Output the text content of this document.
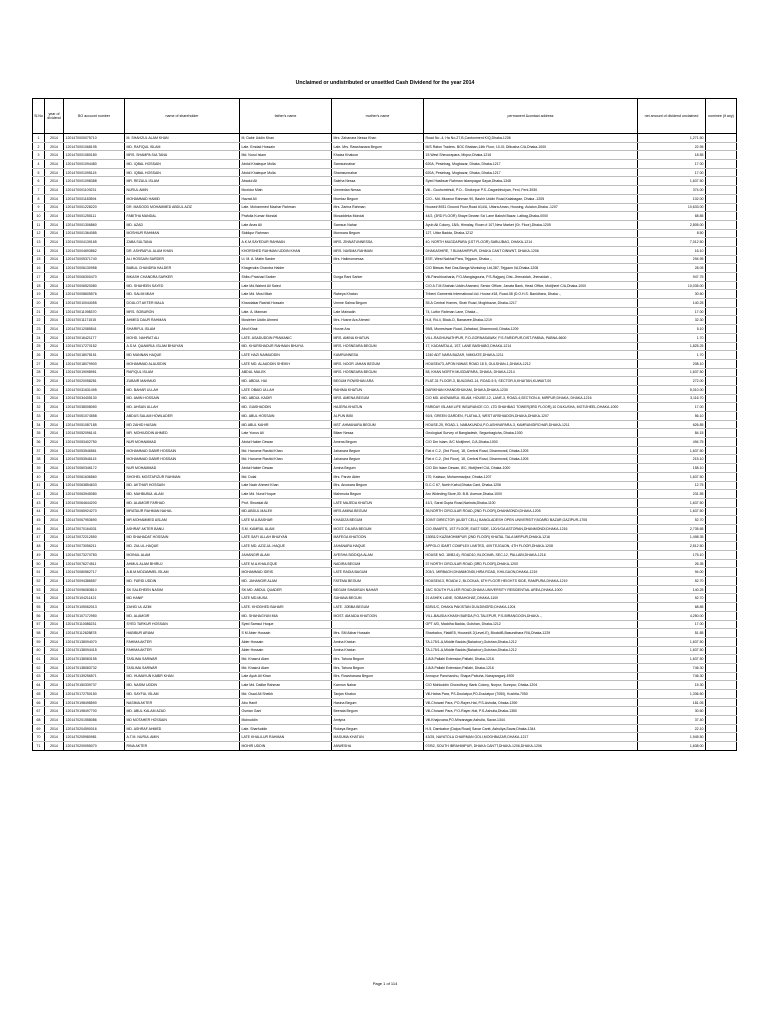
Unclaimed or undistributed or unsettled Cash Dividend for the year 2014
Sl.No	year of dividend	BO account number	name of shareholder	father's name	mother's name	permanent &contact address	net amount of dividend unclaimed	nominee (if any)
1	2014	1201470000075710	M. SHAHZUL ALAM KHAN	M. Dabir Uddin Khan	Mrs. Zahanara Nessa Khan	Road No -4, Ha No-27,B,Cantonment K/Q,Dhaka-1206	1,271.50	
2	2014	1201470001068195	MD. RAFIQUL ISLAM	Late. Emdad Hossain	Late. Mrs. Rawshanara Begum	M/S Raton Traders. BOC Bhaban,14th Floor, 10-01 Dilkusha C/A,Dhaka-1000	22.95	
3	2014	1201470001080180	MRS. SHAMPA SULTANA	Md. Nurul Islam	Khaiza Khatoon	15 West Sheoorapara, Mirpur,Dhaka-1216	18.55	
4	2014	1201470001094480	MD. IQBAL HOSSAIN	Abdul Khaleque Molla	Samsunnahar	620A, Pesinbag, Mogbazar, Dhaka, Dhaka-1217	17.00	
5	2014	1201470001095115	MD. IQBAL HOSSAIN	Abdul Khaleque Molla	Shamsunnahar	620A, Pesinbag, Mogbazar, Dhaka, Dhaka-1217	17.00	
6	2014	1201470001098388	MR. REZAUL ISLAM	Abadul Ali	Saleha Nessa	Syed Hasibuar Rahman Islampagar Sayar,Dhaka-1348	1,637.50	
7	2014	1201470001109231	NURUL AMIN	Mozidur Miah	Ummedan Nessa	Vill.- Gouhombhuli, P.O.- Sindurpur P.S.-Dagonbhuiyan, Feni, Feni-3930	374.00	
8	2014	1201470001183594	MOHAMMAD HAMID	Hazrat Ali	Momtaz Begum	C/O.- Md. Mizanur Rahman 90, Bashir Uddin Road,Kalabagan, Dhaka -1205	102.00	
9	2014	1201470001228220	DR. MASOOD MOHAMMED ABDUL AZIZ	Late. Mohammed Mazhar Rahman	Mrs. Zarina Rahman	House# 8931 Ground Floor,Road #14/A, Uttara Aman, Housing, Aviaton,Dhaka -1207	10,633.00	
10	2014	1201470001255111	FABITHA MANDAL	Prafulla Kumar Mondal	Mosaddeka Mondal	44/2, (3RD FLOOR) Shaye Dewan Sa' Lane Bakshi Bazar, Lalbag,Dhaka-0000	68.85	
11	2014	1201470001306860	MD. AZAD	Late Anas Ali	Samsun Nahar	Ayub Ali Colony, 18/A, Himalay, Room # 107,New Market (Gr. Floor),Dhaka-1205	2,805.00	
12	2014	1201470001364085	MOSHIUR RAHMAN	Siddiqur Rahman	Monwara Begum	127, Uttar Badda, Dhaka-1212	8.50	
13	2014	1201470004139165	ZABA SULTANA	A.K.M.SAYEDUR RAHMAN	MRS. ZINNATUNNESSA	40, NORTH MUGDAPARA (1ST FLOOR) SABUJBAG, DHAKA-1214	7,012.50	
14	2014	1201470004693862	DR. ASHRAFUL ALAM KHAN	KHORSHED RAHMAN UDDIN KHAN	MRS. NASIMA RAHMAN	DHAKASHIRE, 7 BLIMAHIRPUR, DHAKA CANT DINWNT, DHAKA-1206	16.10	
15	2014	1201470005371740	ALI HOSSAIN SARDER	Lt. M. A. Matin Sarder	Mrs. Halimonnessa	57/E, West Nakhal Para, Tejgaon, Dhaka -,	294.95	
16	2014	1201470006130958	BABUL CHANDRA HALDER	Khagendra Chandra Halder		C/O Biswas Hari Das,Banga Workshop Ltd,387, Tejgaon I/A,Dhaka-1208	28.05	
17	2014	1201470006300470	BIKASH CHANDRA SARKER	Shibu Prashad Sarker	Durga Rani Sarker	Vill-Panchkosharia, P.O-Manglagouria, P.S-Rajganj, Dist.-Jhenaidah, Jhenaidah -,	947.75	
18	2014	1201470006520080	MD. SHAHEEN SAYED	Late Md.Wahed Ali Saied		C/O A.T.M.Shahab Uddin Ahamed, Senior Officer, Janata Bank, Head Office, Motijheel C/A,Dhaka-1000	10,035.00	
19	2014	1201470008605576	MD. SALIM MIAH	Late Md. Mosi Miah	Rabeya Khatun	Tribeni Garments International Ltd. House #18, Road-08 (D.O.H.S. Banidhara, Dhaka -,	30.60	
20	2014	1201470010044055	DOULOT AKTER MALA	Khandakar Rashid Hossain	Umme Salma Begum	35-A Central Homes, Shah Road, Moghbazar, Dhaka-1217	140.25	
21	2014	1201470011098370	MRS. SOBURON	Late. A. Mannan	Late Mainadin	74, Lutfor Rahman Lane, Dhaka -,	17.00	
22	2014	1201470011171515	AHMED DAUR RAHMAN	Mosleher Uddin Ahmed	Mrs. Husne Ara Ahmed	H-8, Rd-4, Block-D, Banasree,Dhaka-1219	32.30	
23	2014	1201470012085541	SHARIFUL ISLAM	Abul Khair	Husne Ara	95/8, Moneshwar Road, Zafrabad, Dhanmondi, Dhaka-1209	5.10	
24	2014	1201470016421177	MOHD. NAHRAT ALI	LATE. ASADUDDIN PRAMANIC	MRS. AMINA KHATUN	VILL-RAGHUNATHPUR, P.O-GORNASAWAY, P.S-FARIDPUR,DIST-PABNA, PABNA-6600	1.70	
25	2014	1201470017270152	A.S.M. QUAMRUL ISLAM BHUIYAN	MD. KHURSHADUR RAHMAN BHUIYA	MRS. HOSNEARA BEGUM	17, KADAMTALA, 1ST. LANE BASHABO,DHAKA-1214	1,825.25	
26	2014	1201470018078151	MD MANNAN HAQUE	LATE HAZI NAIMUDDIN	KAMRUNNESA	1240 ADT NARA BAZAR, NIMGATE,DHAKA-1211	1.70	
27	2014	1201470018079900	MOHAMMAD ALAUDDIN	LATE MD. ALAUDDIN SHEIKH	MRS. NOOR JAHAN BEGUM	HOUSE#73, APON NIWAS ROAD 18 5, GULSHAN-1,DHAKA-1212	208.10	
28	2014	1201470019098951	RAFIQUL ISLAM	ABDUL MALEK	MRS. HOSNEARA BEGUM	58, KHAN NORTH MUGDAPARA, DHAKA, DHAKA-1214	1,637.50	
29	2014	1201470020058281	ZUBAIR MAHMUD	MD. ABDUL HAI	BEGUM ROWSHAN ARA	FLAT-31 FLOOR-3, BUILDING-14, ROAD-5 5, SECTOR-5,KHAITAN,KUWAIT-00	272.00	
30	2014	1201470031631495	MD. BAHAR ULLAH	LATE OBAID ULLAH	RAHIMA KHATUN	DARIKHAN KHANDSHUKAM, DHAKA,DHAKA-1230	5,010.00	
31	2014	1201470034405130	MD. AMIN HOSSAIN	MD. ABDUL KADIR	MRS. AMENA BEGUM	C/O MD. ANOWARUL ISLAM, HOUSE-12, LANE-3, ROAD-4,SECTION-6, MIRPUR,DHAKA, DHAKA-1216	3,116.70	
32	2014	1201470038008050	MD. AHSAN ULLAH	MD. GIASHUDDIN	HAJERA KHATUN	FARIDAY ISLAMI LIFE INSURANCE CO. LTD SHAHBAG TOWER(3RD FLOOR),10 DILKUSHA, MOTIJHEEL,DHAKA-1000	17.00	
33	2014	1201470051074558	ABDUS SALAM HOWLADER	MD. ABUL HOSSAIN	ALPUN BIBI	92/4, GREEN GARDEN, FLAT#A-3, WEST ARSHIADON,DHAKA,DHAKA-1207	56.10	
34	2014	1201470051087185	MD ZAHID HASAN	MD ABUL KAHIR	MST. AHMANARA BEGUM	HOUSE-25, ROAD-1, NABAKUNDU,P.O-ASHIVAPARA-3, KAMRANGIRCHAR,DHAKA-1211	626.85	
35	2014	1201470052096141	MR. MOHIUDDIN AHMED	Late Yunus Ali	Bilaer Nessa	Geological Survey of Bangladesh, Segunbagicha, Dhaka-1000	84.15	
36	2014	1201470053402750	NUR MOHAMMAD	Abdul Hakim Dewan	Amena Begum	C/O Dm Islam, 8/C Motijheel, C/A,Dhaka-1000	494.75	
37	2014	1201470053546561	MOHAMMAD DABIR HOSSAIN	Md. Hanume Rashid Khan	Jahanara Begum	Flat # C-2, (3rd Floor), 18, Central Road, Dhanmondi, Dhaka-1205	1,637.50	
38	2014	1201470053546115	MOHAMMAD DABIR HOSSAIN	Md. Hanume Rashid Khan	Jahanara Begum	Flat # C-2, (3rd Floor), 18, Central Road, Dhanmondi, Dhaka-1205	215.10	
39	2014	1201470060346172	NUR MOHAMMAD	Abdul Hakim Dewan	Amina Begum	C/O Din Islam Dewan, 8/C, Motijheel C/A, Dhaka-1000	158.10	
40	2014	1201470061636560	SHOHEL MOSTAFIZUR RAHMAN	Md. Dulal	Mrs. Parvin Akter	170, Katasur, Mohammadpur, Dhaka-1207	1,637.50	
41	2014	1201470063854633	MD. AKTHAR HOSSAIN	Late Nazir Ahmed Khan	Mrs. Anowara Begum	D.C.C 67, North Kafrul,Dhaka Cant, Dhaka-1206	12.75	
42	2014	1201470063945080	MD. MAHBUBUL ALAM	Late Md. Nurul Hoque	Mahmuda Begum	Aro Wideding Store,30. B.B. Avenue,Dhaka-1000	231.55	
43	2014	1201470064644200	MD. ALAMGIR FARHAD	Prof. Showkat Ali	LATE MAJEDA KHATUN	41/1, Sarat Gupta Road,Narinda,Dhaka-1100	1,637.50	
44	2014	1201470065924270	MRATAUR RAHMAN NAHUL	MD.ABDUL MALEK	MRS.AMINA BEGUM	36,NORTH CIRCULAR ROAD,(2ND FLOOR),DHANMONDI,DHAKA-1205	1,637.50	
45	2014	1201470067953690	MR.MOHAMMED ASLAM	LATE M.A.BASHAR	KHADIZA BEGUM	JOINT DIRECTOR (AUDIT CELL) BANGLADESH OPEN UNIVERSITY,BOARD BAZAR,GAZIPUR-1705	52.70	
46	2014	1201470070164031	ASHRAF AKTER BANU	S.M. KAMRUL ALAM	MOST. DILARA BEGUM	C/O.SMARTS, 1ST FLOOR, EAST SIDE, 120/1/GA ASTORAN,DHANMONDI,DHAKA-1216	2,735.65	
47	2014	1201470072212550	MD SHAHADAT HOSSAIN	LATE SAFI ULLAH BHUIYAN	MAFEGA KHATOON	130B1/2 KAZIMOHIMPUR (2ND FLOOR) KHATAL TALA MIRPUR,DHAKA-1216	1,498.35	
48	2014	1201470073056211	MD. ZIA-UL-HAQUE	LATE MD. AZIZ-UL-HAQUE	JAHANARA HAQUE	APPOLO IDART COMPLEX LIMITED, 409 TEJGAON, 4TH FLOOR,DHAKA-1208	2,512.50	
49	2014	1201470073270783	MOINUL ALAM	JAHANGIR ALAM	AYESHA SIDDIQA ALAM	HOUSE NO. 18/B2-6), ROAD10, BLOCK#B, SEC-12, PALLABI,DHAKA-1216	175.10	
50	2014	1201470076274511	AHMUL ALAM BHIRUJ	LATE M.A.KHALEQUE	NADIRA BEGUM	37 NORTH CIRCULAR ROAD (3RD FLOOR),DHAKA-1200	26.35	
51	2014	1201470080562717	A.B.M.MOZAMMEL ISLAM	MOHAMMAD IDRIS	LATE RADIA BAGUM	203/1, MIRBAGH,DHANMONDI,HIRA ROAD, KHILGAON,DHAKA-1219	94.00	
52	2014	1201470094386557	MD. FARID UDDIN	MD. JAHANGIR ALAM	FATEMA BEGUM	HOUSE#13, ROAD# 2, BLOCK#A, 6TH FLOOR HEIGHTS SIDE, RAMPURA,DHAKA-1219	52.70	
53	2014	1201470096083810	SK SALEHEEN NASIM	SK.MD. ABDUL QUADER	BEGUM SHAMSUN NAHAR	18/C SOUTH FULLER ROAD,DHAKA UNIVERSITY RESIDENTIAL AREA,DHAKA-1000	140.25	
54	2014	1201470104211421	MD HANIF	LATE MD.MUSA	SAHANA BEGUM	21 ASHEK LANE, SOBAHGHAT,,DHAKA-1100	52.70	
55	2014	1201470105062013	ZAHID UL AZIM	LATE. KHODHED BAHARI	LATE. JOBBA BEGUM	82/B/1/C, DHAKA PAKISTAN DUILDINGRD,DHAKA-1204	68.85	
56	2014	1201470107172950	MD. ALAMGIR	MD. SHAHAGYAN MIA	MOST. AMJADA KHATOON	VILL-BAUSIA KHASH BARDA,P.O-TALEPUR, P.S-BIRANGOON,DHAKA -,	4,250.00	
57	2014	1201470110086231	SYED TARKUR HOSSAIN	Syed Samsul Hoque		GPT 4/D, Maddha Badda, Gulshan, Dhaka-1212	17.00	
58	2014	1201470112628878	HABIBUR ARIAM	S M Akter Hossain	Mrs. SM Akbar Hossain	Sharbafon, Flat#E5, House#4 2(Level-E), Block#B,Basundhara R/A,Dhaka-1229	51.85	
59	2014	1201470138094070	FAHIMA AKTER	Akter Hossain	Amina Khatun	TA-175/1-A,Middle Badda (Baluchor),Gulshan,Dhaka-1212	1,637.50	
60	2014	1201470138094415	FAHIMA AKTER	Akter Hossain	Amina Khatun	TA-175/1-A,Middle Badda (Baluchor),Gulshan,Dhaka-1212	1,637.50	
61	2014	1201470138083155	TASLIMA SARWAR	Md. Khasrul Alam	Mrs. Tahura Begum	J-8/A Pallabi Extension,Pallabi, Dhaka-1216	1,637.50	
62	2014	1201470138083732	TASLIMA SARWAR	Md. Khasrul Alam	Mrs. Tahura Begum	J-8/A Pallabi Extension,Pallabi, Dhaka-1216	746.30	
63	2014	1201470139256571	MD. HUMAYUN KABIR KHAN	Late Ayub Ali Khan	Mrs. Rowshanara Begum	Annopur Pancharchu, Shapa Pabuha, Narayangonj-1900	746.30	
64	2014	1201470150339737	MD. NASIM UDDIN	Late Md. Dalilar Rahman	Kamrun Nahar	C/O Mohiuddin Chowdhury, Bank Colony, Nurpur, Sunnpur, Dhaka-1204	15.30	
65	2014	1201470172750150	MD. SAYFUL ISLAM	Md. Osad Ali Sheikh	Tanjan Khatun	Vill-Hatna Para, PS-Doulatpur,PO-Doulatpur (7050), Kushtia-7050	1,336.50	
66	2014	1201470198498590	NASIMA AKTER	Abu Hanif	Hasina Begum	Vill-Chowari Para, PO-Rayer-Hat, P.S-Ashulia, Dhaka-1390	181.05	
67	2014	1201470198497700	MD. ABUL KALAM AZAD	Osman Gani	Beeraia Begum	Vill-Chowari Para, P.O-Rayer-Hat, P.S-Ashulia,Dhaka-1350	30.60	
68	2014	1201470201558086	MD MOTAHER HOSSAIN	Moinuddin	Amiyna	Vill-Khajuvana,PO-Mirzanagar,Ashulia, Savar-1344	37.40	
69	2014	1201470204590016	MD. ASHRAF AHMED	Late. Sharfuddin	Rokeya Begum	H-5, Damkabor (Daipa Road) Savar Cantt, Ashuliya,Savar,Dhaka-1344	22.10	
70	2014	1201470205980981	A.T.M. NURUL AMIN	LATE KHALILUR RAHMAN	MASUMA KHATUN	43/25, NAYATOLA CHAIRMAN GOLI,MOGHBAZAR,DHAKA-1217	1,945.50	
71	2014	1201470209055070	RINA AKTER	MOHIR UDDIN	ANWESHA	07/B2, SOUTH IBRAHIMPUR, DHAKA CANTT,DHAKA-1206,DHAKA-1206	1,638.00	
Page 1 of 114
